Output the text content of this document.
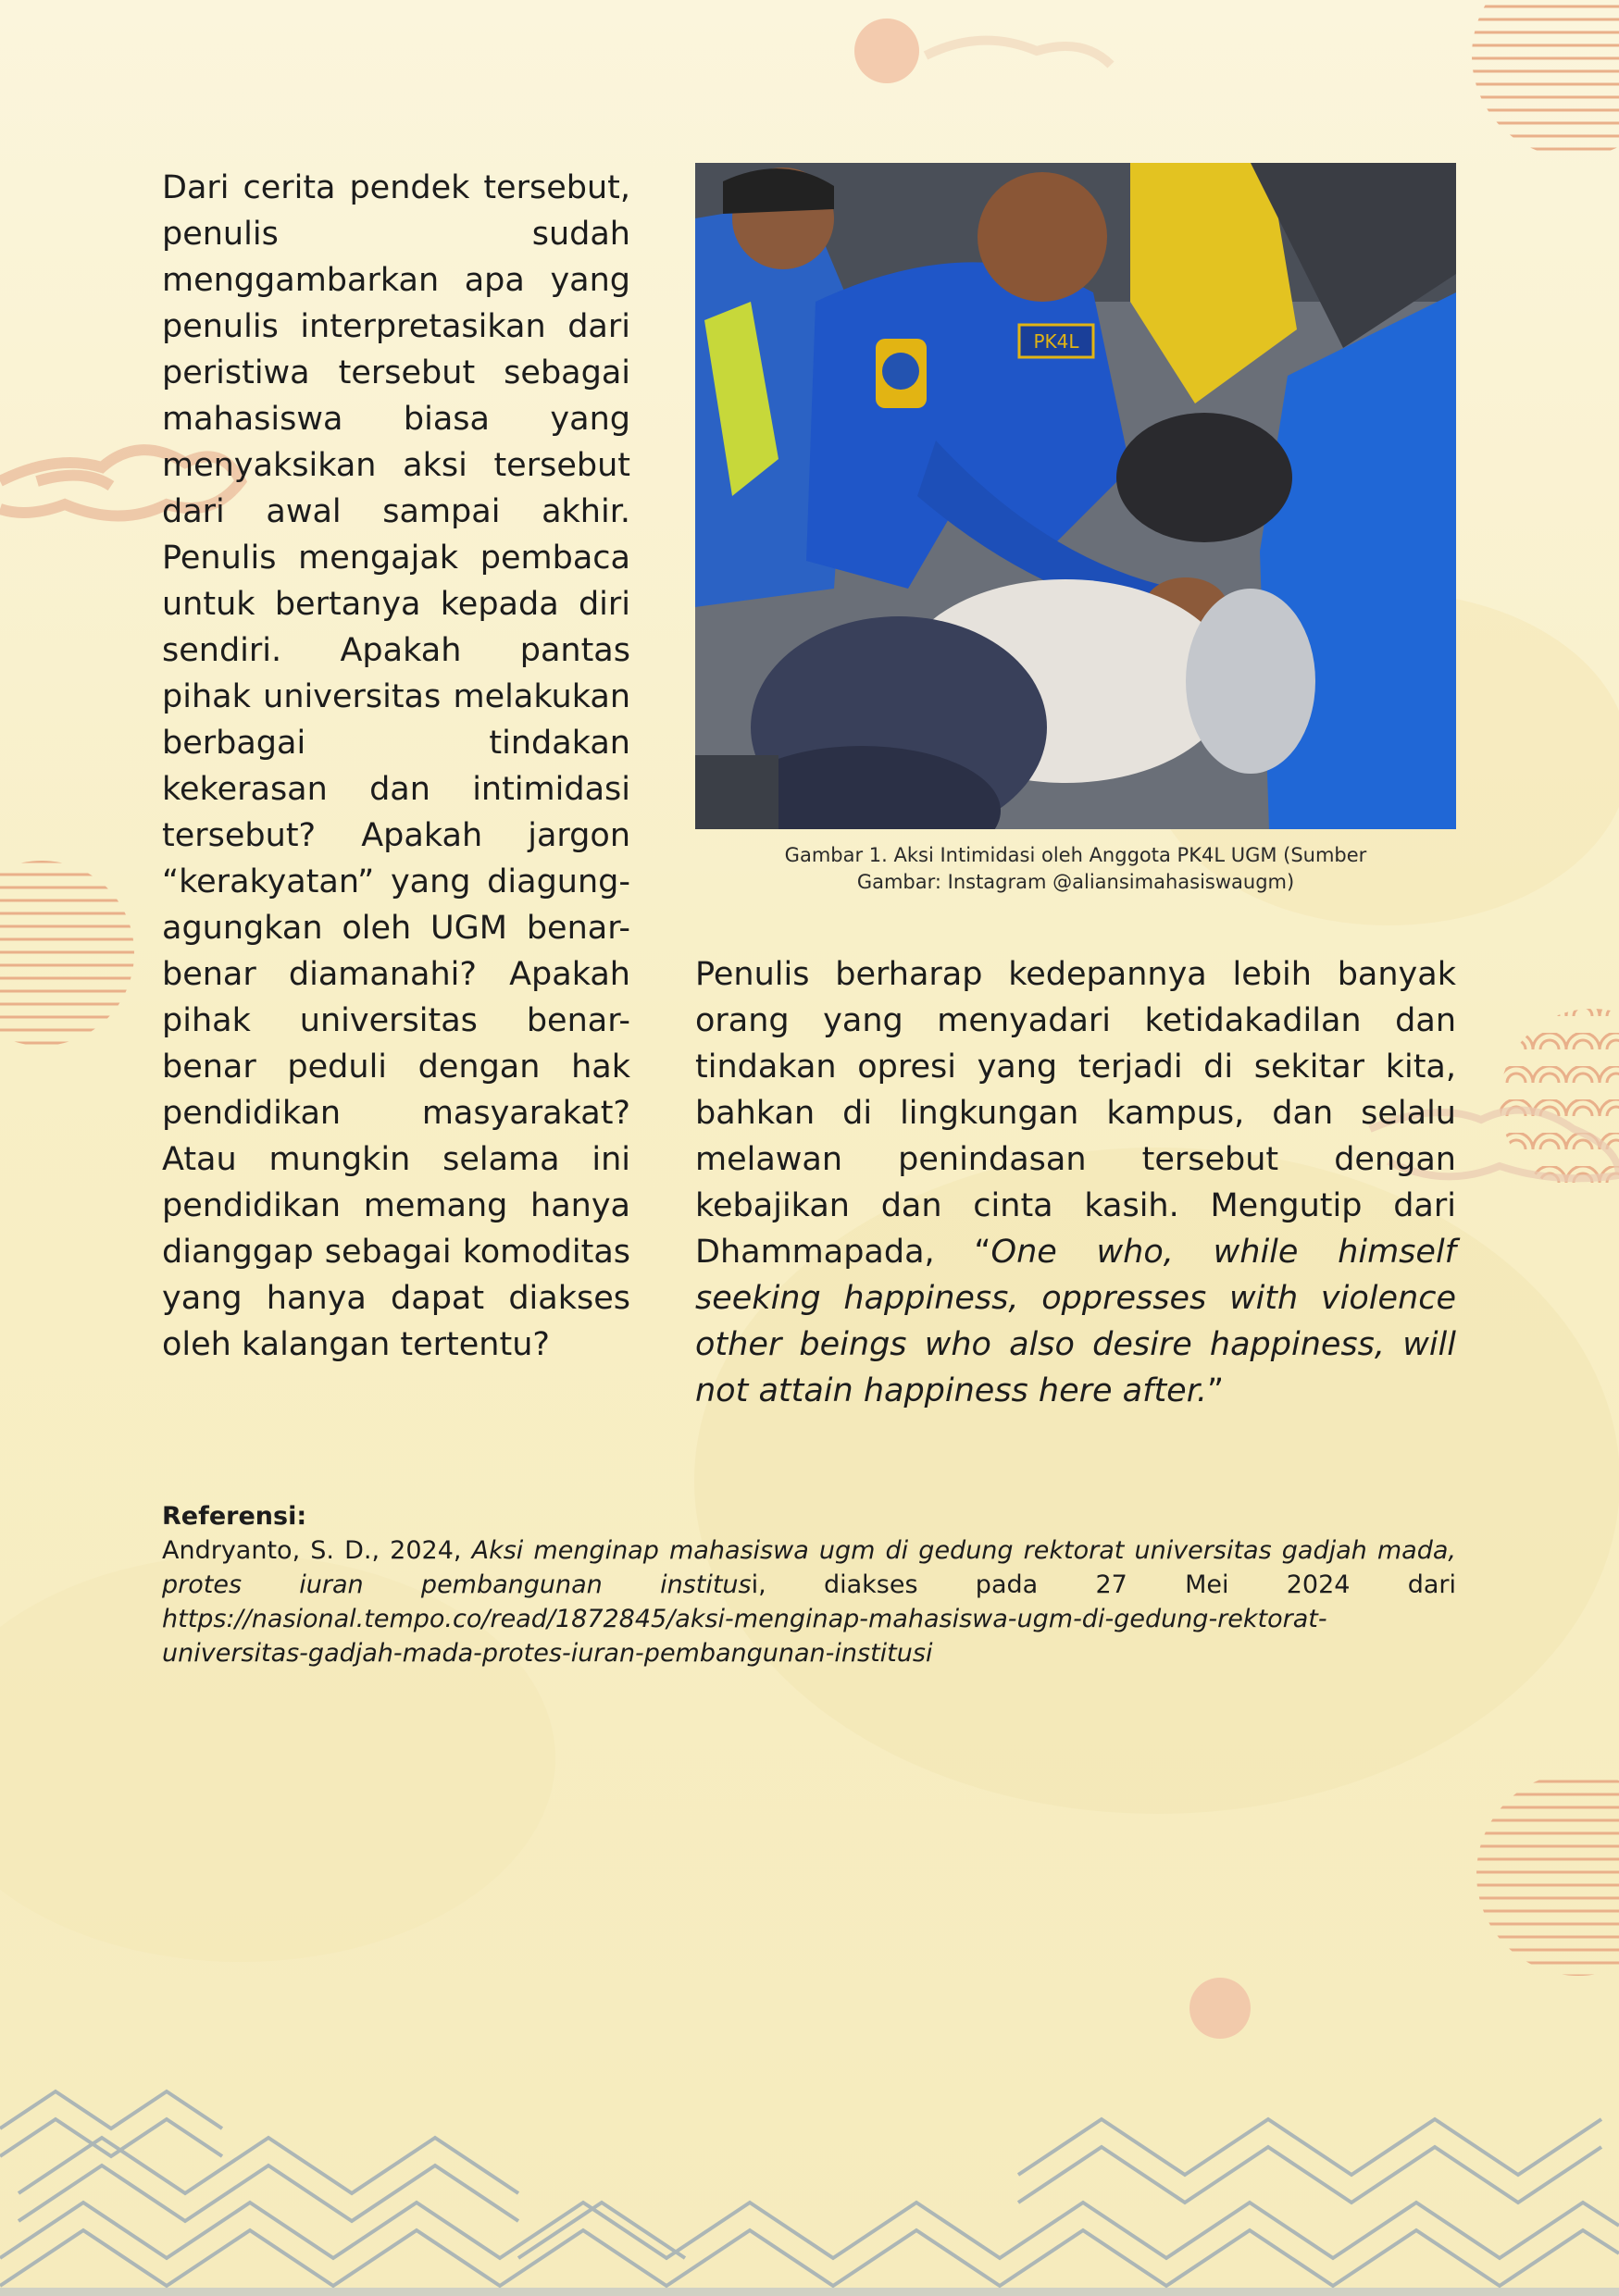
Dari cerita pendek tersebut, penulis sudah menggambarkan apa yang penulis interpretasikan dari peristiwa tersebut sebagai mahasiswa biasa yang menyaksikan aksi tersebut dari awal sampai akhir. Penulis mengajak pembaca untuk bertanya kepada diri sendiri. Apakah pantas pihak universitas melakukan berbagai tindakan kekerasan dan intimidasi tersebut? Apakah jargon “kerakyatan” yang diagung-agungkan oleh UGM benar-benar diamanahi? Apakah pihak universitas benar-benar peduli dengan hak pendidikan masyarakat? Atau mungkin selama ini pendidikan memang hanya dianggap sebagai komoditas yang hanya dapat diakses oleh kalangan tertentu?

PK4L
Gambar 1. Aksi Intimidasi oleh Anggota PK4L UGM (Sumber Gambar: Instagram @aliansimahasiswaugm)

Penulis berharap kedepannya lebih banyak orang yang menyadari ketidakadilan dan tindakan opresi yang terjadi di sekitar kita, bahkan di lingkungan kampus, dan selalu melawan penindasan tersebut dengan kebajikan dan cinta kasih. Mengutip dari Dhammapada, “One who, while himself seeking happiness, oppresses with violence other beings who also desire happiness, will not attain happiness here after.”

Referensi:

Andryanto, S. D., 2024, Aksi menginap mahasiswa ugm di gedung rektorat universitas gadjah mada, protes iuran pembangunan institusi, diakses pada 27 Mei 2024 dari https://nasional.tempo.co/read/1872845/aksi-menginap-mahasiswa-ugm-di-gedung-rektorat-universitas-gadjah-mada-protes-iuran-pembangunan-institusi
